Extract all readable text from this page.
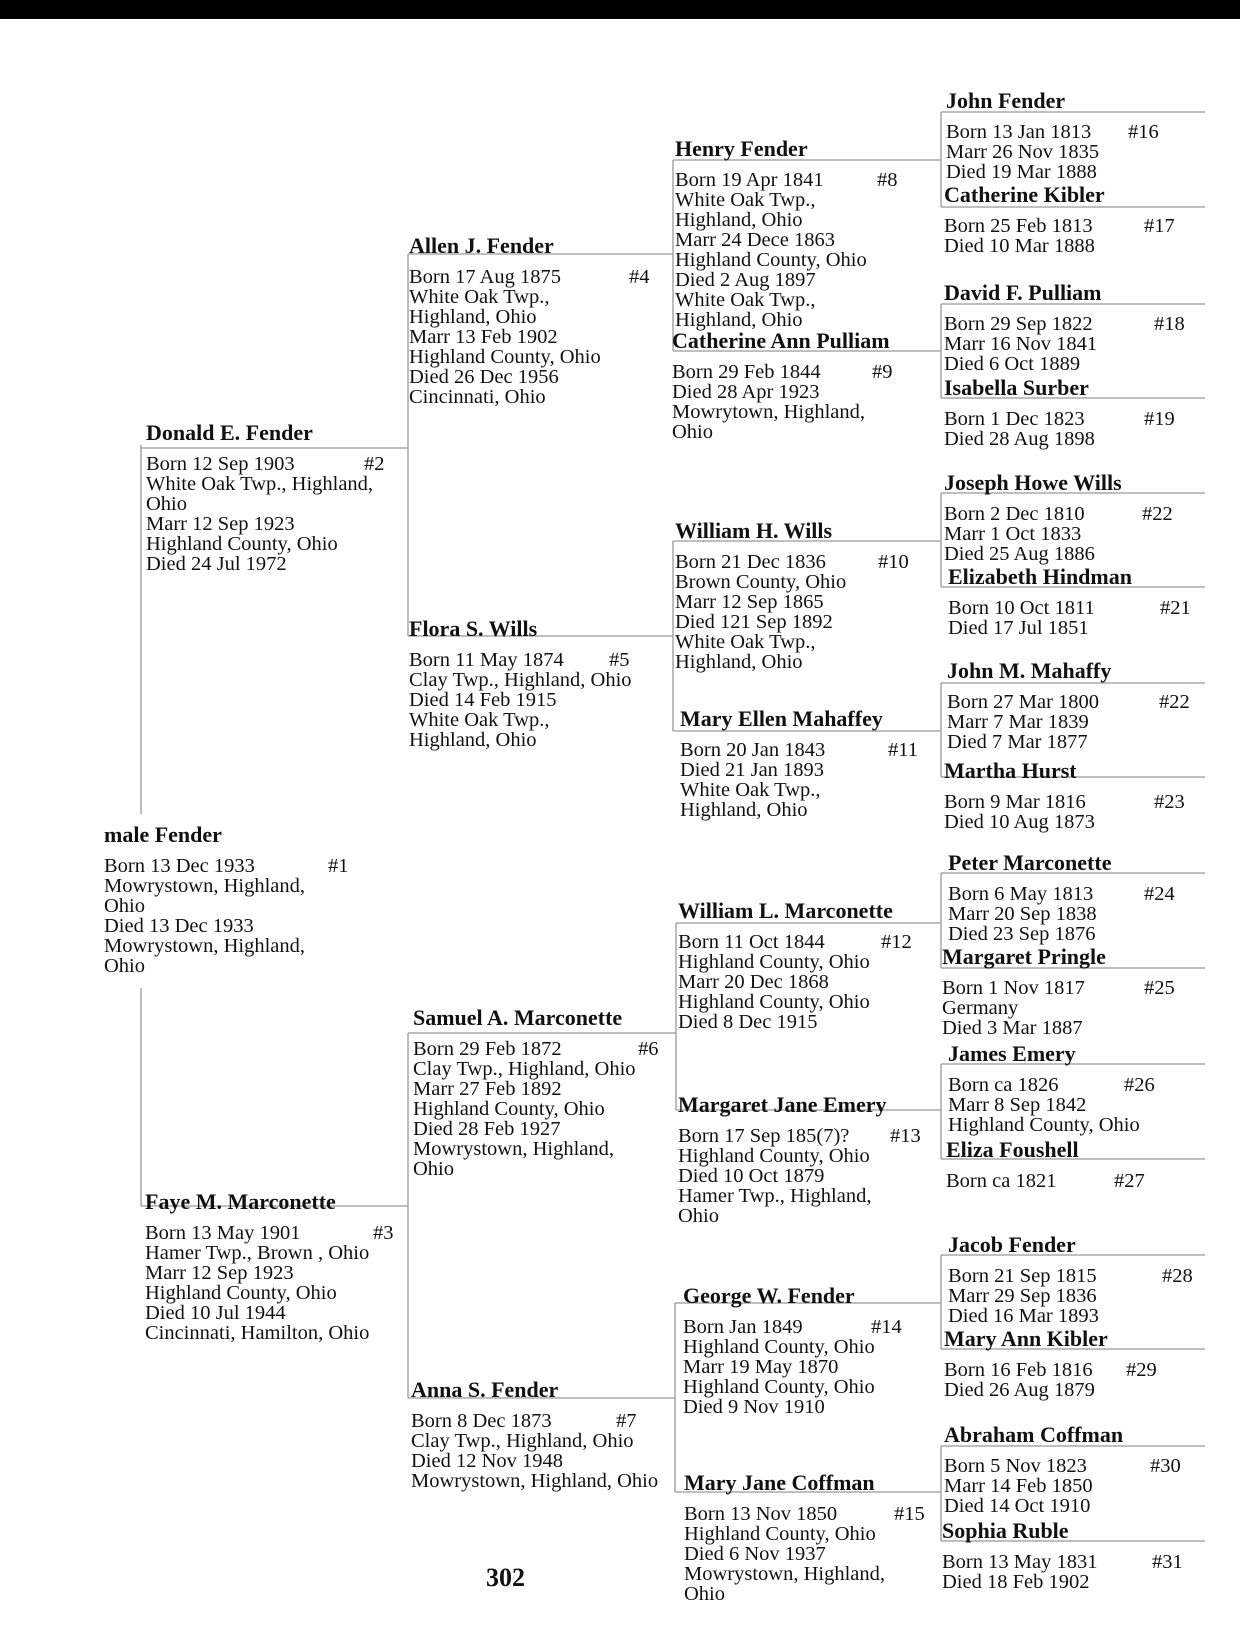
male Fender
Born 13 Dec 1933
Mowrystown, Highland,
Ohio
Died 13 Dec 1933
Mowrystown, Highland,
Ohio
#1
Donald E. Fender
Born 12 Sep 1903
White Oak Twp., Highland,
Ohio
Marr 12 Sep 1923
Highland County, Ohio
Died 24 Jul 1972
#2
Faye M. Marconette
Born 13 May 1901
Hamer Twp., Brown , Ohio
Marr 12 Sep 1923
Highland County, Ohio
Died 10 Jul 1944
Cincinnati, Hamilton, Ohio
#3
Allen J. Fender
Born 17 Aug 1875
White Oak Twp.,
Highland, Ohio
Marr 13 Feb 1902
Highland County, Ohio
Died 26 Dec 1956
Cincinnati, Ohio
#4
Flora S. Wills
Born 11 May 1874
Clay Twp., Highland, Ohio
Died 14 Feb 1915
White Oak Twp.,
Highland, Ohio
#5
Samuel A. Marconette
Born 29 Feb 1872
Clay Twp., Highland, Ohio
Marr 27 Feb 1892
Highland County, Ohio
Died 28 Feb 1927
Mowrystown, Highland,
Ohio
#6
Anna S. Fender
Born 8 Dec 1873
Clay Twp., Highland, Ohio
Died 12 Nov 1948
Mowrystown, Highland, Ohio
#7
Henry Fender
Born 19 Apr 1841
White Oak Twp.,
Highland, Ohio
Marr 24 Dece 1863
Highland County, Ohio
Died 2 Aug 1897
White Oak Twp.,
Highland, Ohio
#8
Catherine Ann Pulliam
Born 29 Feb 1844
Died 28 Apr 1923
Mowrytown, Highland,
Ohio
#9
William H. Wills
Born 21 Dec 1836
Brown County, Ohio
Marr 12 Sep 1865
Died 121 Sep 1892
White Oak Twp.,
Highland, Ohio
#10
Mary Ellen Mahaffey
Born 20 Jan 1843
Died 21 Jan 1893
White Oak Twp.,
Highland, Ohio
#11
William L. Marconette
Born 11 Oct 1844
Highland County, Ohio
Marr 20 Dec 1868
Highland County, Ohio
Died 8 Dec 1915
#12
Margaret Jane Emery
Born 17 Sep 185(7)?
Highland County, Ohio
Died 10 Oct 1879
Hamer Twp., Highland,
Ohio
#13
George W. Fender
Born Jan 1849
Highland County, Ohio
Marr 19 May 1870
Highland County, Ohio
Died 9 Nov 1910
#14
Mary Jane Coffman
Born 13 Nov 1850
Highland County, Ohio
Died 6 Nov 1937
Mowrystown, Highland,
Ohio
#15
John Fender
Born 13 Jan 1813
Marr 26 Nov 1835
Died 19 Mar 1888
#16
Catherine Kibler
Born 25 Feb 1813
Died 10 Mar 1888
#17
David F. Pulliam
Born 29 Sep 1822
Marr 16 Nov 1841
Died 6 Oct 1889
#18
Isabella Surber
Born 1 Dec 1823
Died 28 Aug 1898
#19
Joseph Howe Wills
Born 2 Dec 1810
Marr 1 Oct 1833
Died 25 Aug 1886
#22
Elizabeth Hindman
Born 10 Oct 1811
Died 17 Jul 1851
#21
John M. Mahaffy
Born 27 Mar 1800
Marr 7 Mar 1839
Died 7 Mar 1877
#22
Martha Hurst
Born 9 Mar 1816
Died 10 Aug 1873
#23
Peter Marconette
Born 6 May 1813
Marr 20 Sep 1838
Died 23 Sep 1876
#24
Margaret Pringle
Born 1 Nov 1817
Germany
Died 3 Mar 1887
#25
James Emery
Born ca 1826
Marr 8 Sep 1842
Highland County, Ohio
#26
Eliza Foushell
Born ca 1821	#27
Jacob Fender
Born 21 Sep 1815
Marr 29 Sep 1836
Died 16 Mar 1893
#28
Mary Ann Kibler
Born 16 Feb 1816
Died 26 Aug 1879
#29
Abraham Coffman
Born 5 Nov 1823
Marr 14 Feb 1850
Died 14 Oct 1910
#30
Sophia Ruble
Born 13 May 1831
Died 18 Feb 1902
#31
302
